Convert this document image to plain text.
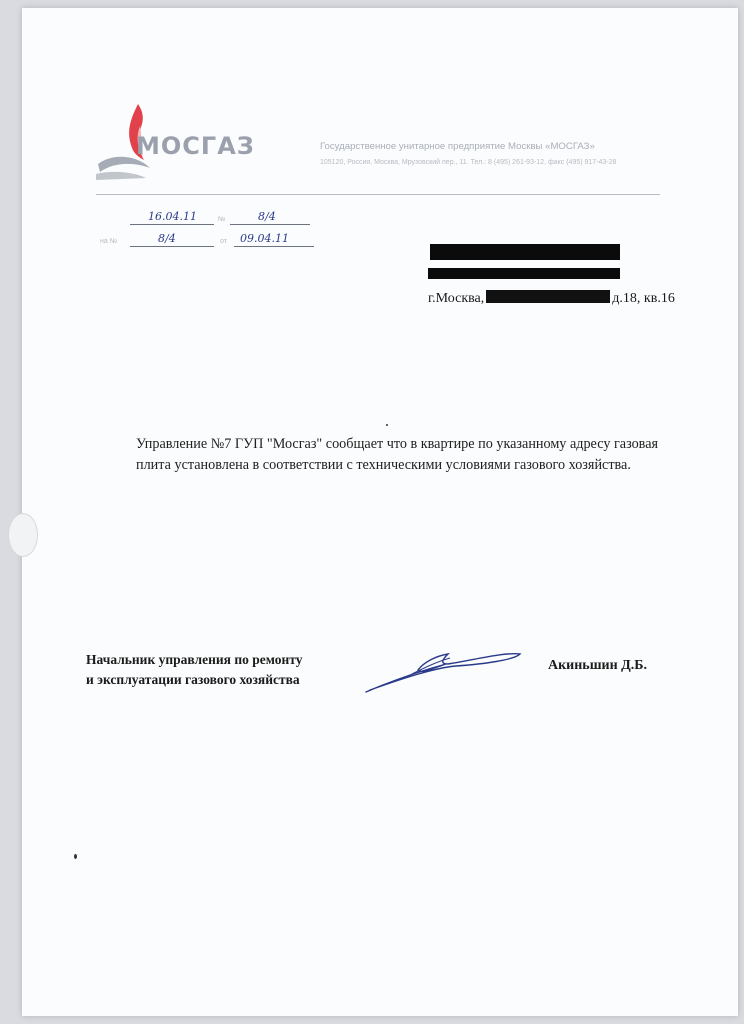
МОСГАЗ	Государственное унитарное предприятие Москвы «МОСГАЗ»
105120, Россия, Москва, Мрузовский пер., 11. Тел.: 8 (495) 261-93-12, факс (495) 917-43-28
16.04.11	№	8/4
на №	8/4	от 09.04.11
г.Москва,	д.18, кв.16
Управление №7 ГУП "Мосгаз" сообщает что в квартире по указанному адресу газовая плита установлена в соответствии с техническими условиями газового хозяйства.
Начальник управления по ремонту
и эксплуатации газового хозяйства
Акиньшин Д.Б.
